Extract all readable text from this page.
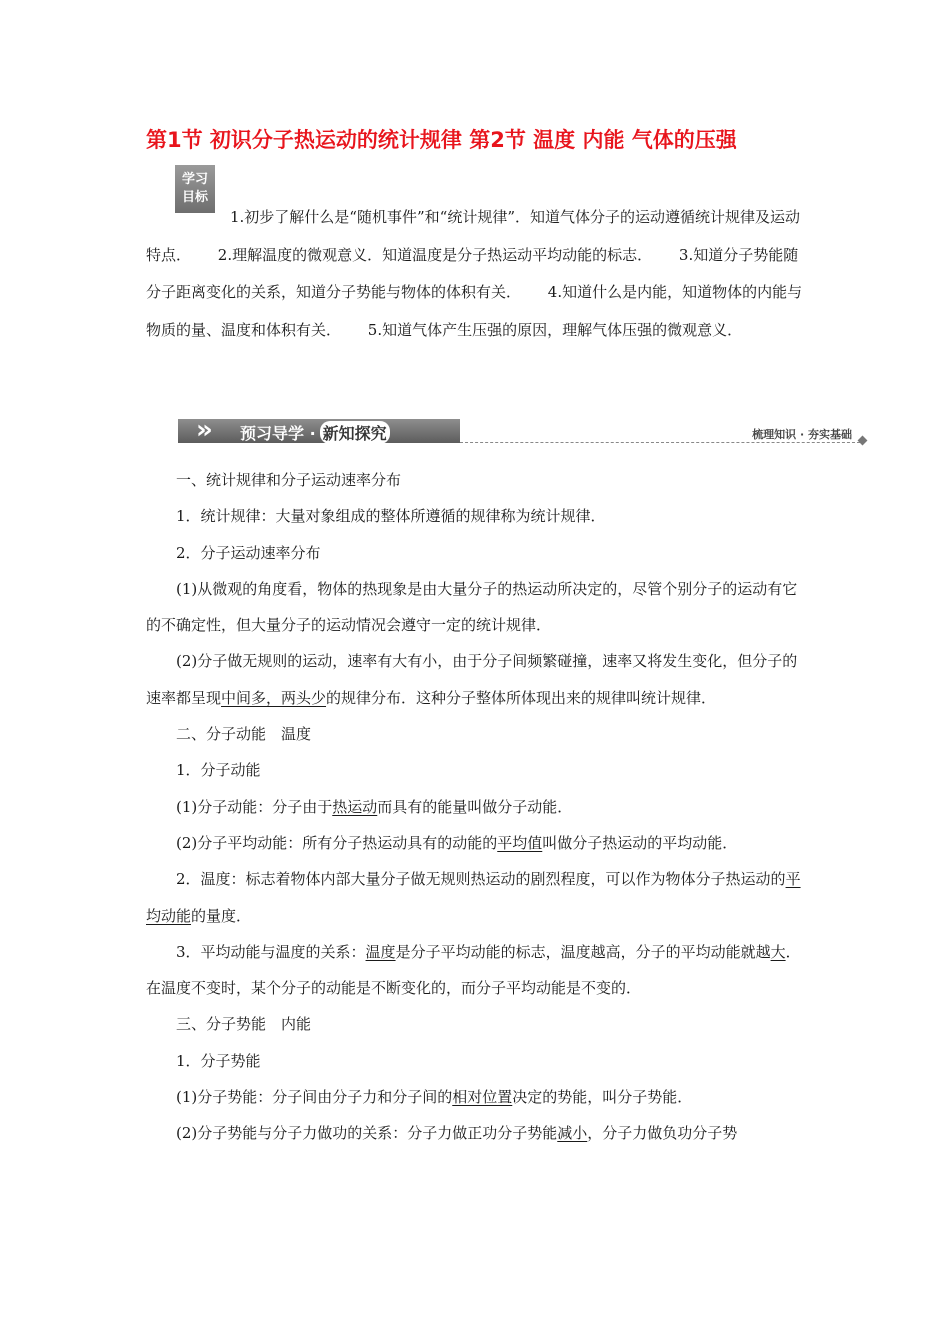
第1节 初识分子热运动的统计规律 第2节 温度 内能 气体的压强
学习
目标

1.初步了解什么是“随机事件”和“统计规律”．知道气体分子的运动遵循统计规律及运动特点． 2.理解温度的微观意义．知道温度是分子热运动平均动能的标志． 3.知道分子势能随分子距离变化的关系，知道分子势能与物体的体积有关． 4.知道什么是内能，知道物体的内能与物质的量、温度和体积有关． 5.知道气体产生压强的原因，理解气体压强的微观意义．

» 预习导学 · 新知探究	梳理知识 · 夯实基础

一、统计规律和分子运动速率分布

1．统计规律：大量对象组成的整体所遵循的规律称为统计规律．

2．分子运动速率分布

(1)从微观的角度看，物体的热现象是由大量分子的热运动所决定的，尽管个别分子的运动有它的不确定性，但大量分子的运动情况会遵守一定的统计规律．

(2)分子做无规则的运动，速率有大有小，由于分子间频繁碰撞，速率又将发生变化，但分子的速率都呈现中间多，两头少的规律分布．这种分子整体所体现出来的规律叫统计规律．

二、分子动能　温度

1．分子动能

(1)分子动能：分子由于热运动而具有的能量叫做分子动能．

(2)分子平均动能：所有分子热运动具有的动能的平均值叫做分子热运动的平均动能．

2．温度：标志着物体内部大量分子做无规则热运动的剧烈程度，可以作为物体分子热运动的平均动能的量度．

3．平均动能与温度的关系：温度是分子平均动能的标志，温度越高，分子的平均动能就越大．在温度不变时，某个分子的动能是不断变化的，而分子平均动能是不变的．

三、分子势能　内能

1．分子势能

(1)分子势能：分子间由分子力和分子间的相对位置决定的势能，叫分子势能．

(2)分子势能与分子力做功的关系：分子力做正功分子势能减小，分子力做负功分子势
